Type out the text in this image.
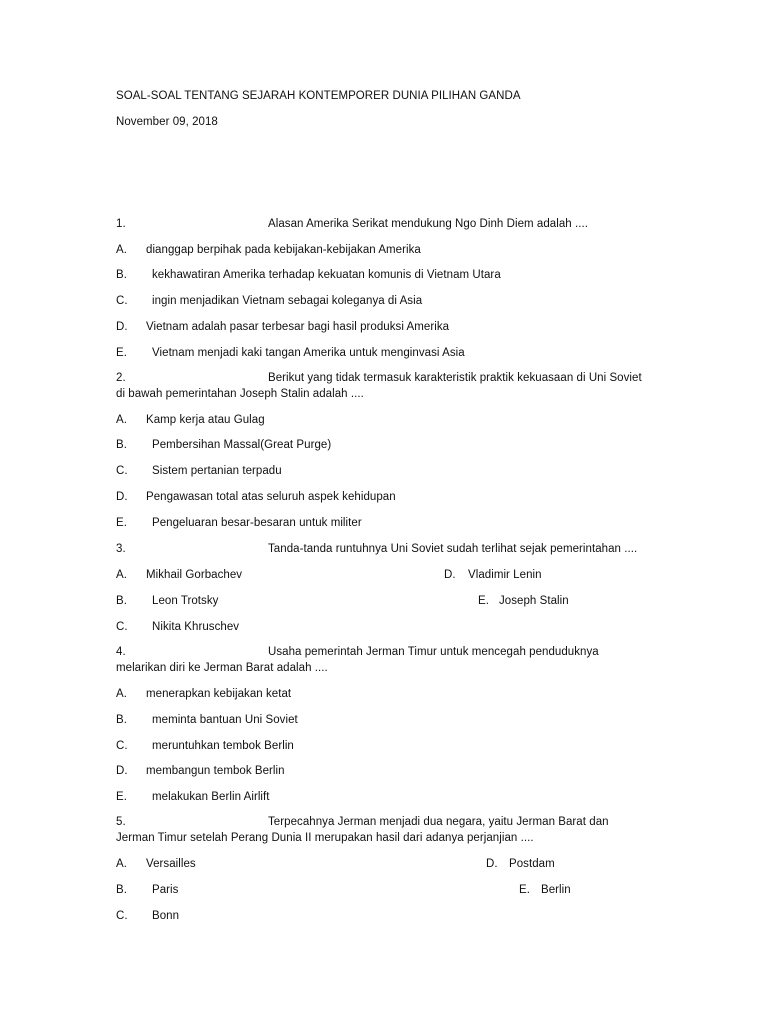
SOAL-SOAL TENTANG SEJARAH KONTEMPORER DUNIA PILIHAN GANDA
November 09, 2018
1.	Alasan Amerika Serikat mendukung Ngo Dinh Diem adalah ....
A. dianggap berpihak pada kebijakan-kebijakan Amerika
B. kekhawatiran Amerika terhadap kekuatan komunis di Vietnam Utara
C. ingin menjadikan Vietnam sebagai koleganya di Asia
D. Vietnam adalah pasar terbesar bagi hasil produksi Amerika
E. Vietnam menjadi kaki tangan Amerika untuk menginvasi Asia
2.	Berikut yang tidak termasuk karakteristik praktik kekuasaan di Uni Soviet
di bawah pemerintahan Joseph Stalin adalah ....
A. Kamp kerja atau Gulag
B. Pembersihan Massal(Great Purge)
C. Sistem pertanian terpadu
D. Pengawasan total atas seluruh aspek kehidupan
E. Pengeluaran besar-besaran untuk militer
3.	Tanda-tanda runtuhnya Uni Soviet sudah terlihat sejak pemerintahan ....
A. Mikhail Gorbachev	D. Vladimir Lenin
B. Leon Trotsky	E. Joseph Stalin
C. Nikita Khruschev
4.	Usaha pemerintah Jerman Timur untuk mencegah penduduknya
melarikan diri ke Jerman Barat adalah ....
A. menerapkan kebijakan ketat
B. meminta bantuan Uni Soviet
C. meruntuhkan tembok Berlin
D. membangun tembok Berlin
E. melakukan Berlin Airlift
5.	Terpecahnya Jerman menjadi dua negara, yaitu Jerman Barat dan
Jerman Timur setelah Perang Dunia II merupakan hasil dari adanya perjanjian ....
A. Versailles	D. Postdam
B. Paris	E. Berlin
C. Bonn
